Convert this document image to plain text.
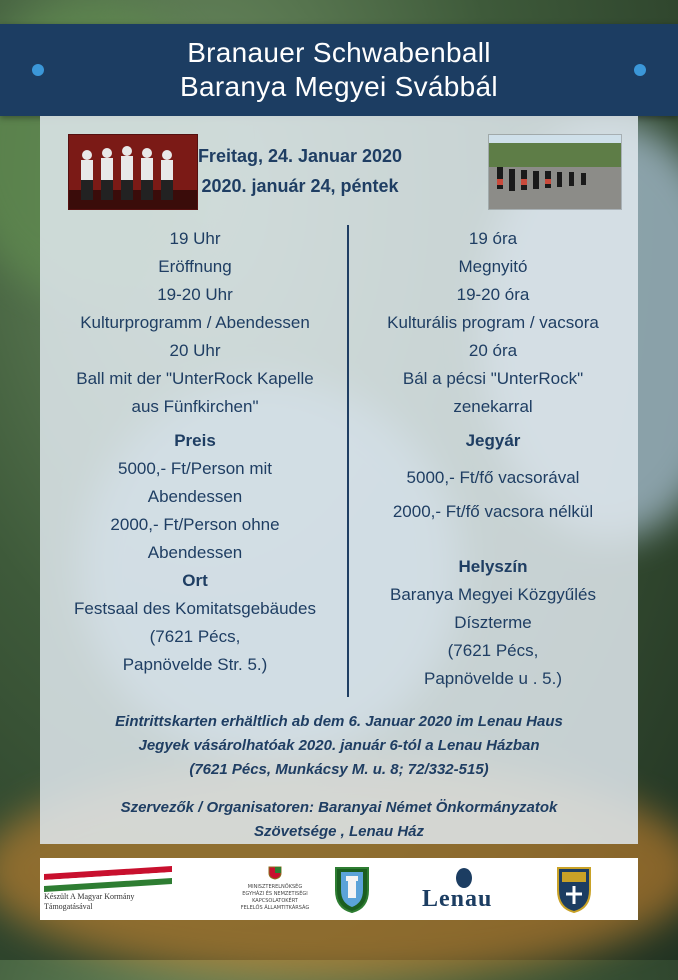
Branauer Schwabenball
Baranya Megyei Svábbál
Freitag, 24. Januar 2020
2020. január 24, péntek
19 Uhr
Eröffnung
19-20 Uhr
Kulturprogramm / Abendessen
20 Uhr
Ball mit der "UnterRock Kapelle
aus Fünfkirchen"
Preis
5000,- Ft/Person mit
Abendessen
2000,- Ft/Person ohne
Abendessen
Ort
Festsaal des Komitatsgebäudes
(7621 Pécs,
Papnövelde Str. 5.)
19 óra
Megnyitó
19-20 óra
Kulturális program / vacsora
20 óra
Bál a pécsi "UnterRock"
zenekarral
Jegyár
5000,- Ft/fő vacsorával
2000,- Ft/fő vacsora nélkül
Helyszín
Baranya Megyei Közgyűlés
Díszterme
(7621 Pécs,
Papnövelde u . 5.)
Eintrittskarten erhältlich ab dem 6. Januar 2020 im Lenau Haus
Jegyek vásárolhatóak 2020. január 6-tól a Lenau Házban
(7621 Pécs, Munkácsy M. u. 8; 72/332-515)
Szervezők / Organisatoren: Baranyai Német Önkormányzatok
Szövetsége , Lenau Ház
Készült A Magyar Kormány
Támogatásával
MINISZTERELNÖKSÉG
EGYHÁZI ÉS NEMZETISÉGI KAPCSOLATOKÉRT
FELELŐS ÁLLAMTITKÁRSÁG	Lenau
